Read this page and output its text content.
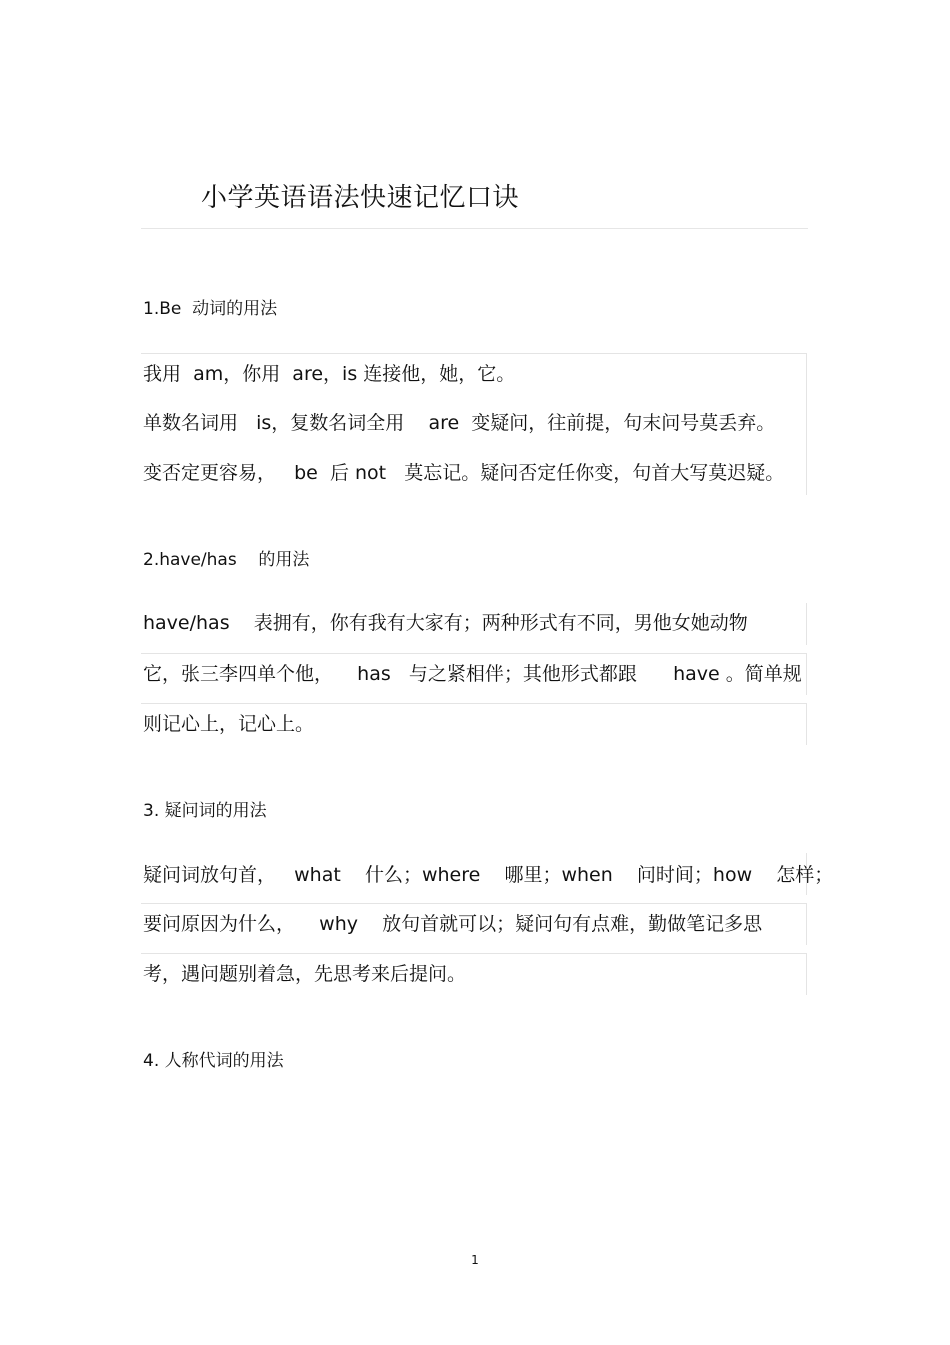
小学英语语法快速记忆口诀
1.Be  动词的用法
我用  am，你用  are，is 连接他，她，它。
单数名词用   is，复数名词全用    are  变疑问，往前提，句末问号莫丢弃。
变否定更容易，   be  后 not   莫忘记。疑问否定任你变，句首大写莫迟疑。
2.have/has    的用法
have/has    表拥有，你有我有大家有；两种形式有不同，男他女她动物
它，张三李四单个他，    has   与之紧相伴；其他形式都跟      have 。简单规
则记心上，记心上。
3. 疑问词的用法
疑问词放句首，   what    什么；where    哪里；when    问时间；how    怎样；
要问原因为什么，    why    放句首就可以；疑问句有点难，勤做笔记多思
考，遇问题别着急，先思考来后提问。
4. 人称代词的用法
1
